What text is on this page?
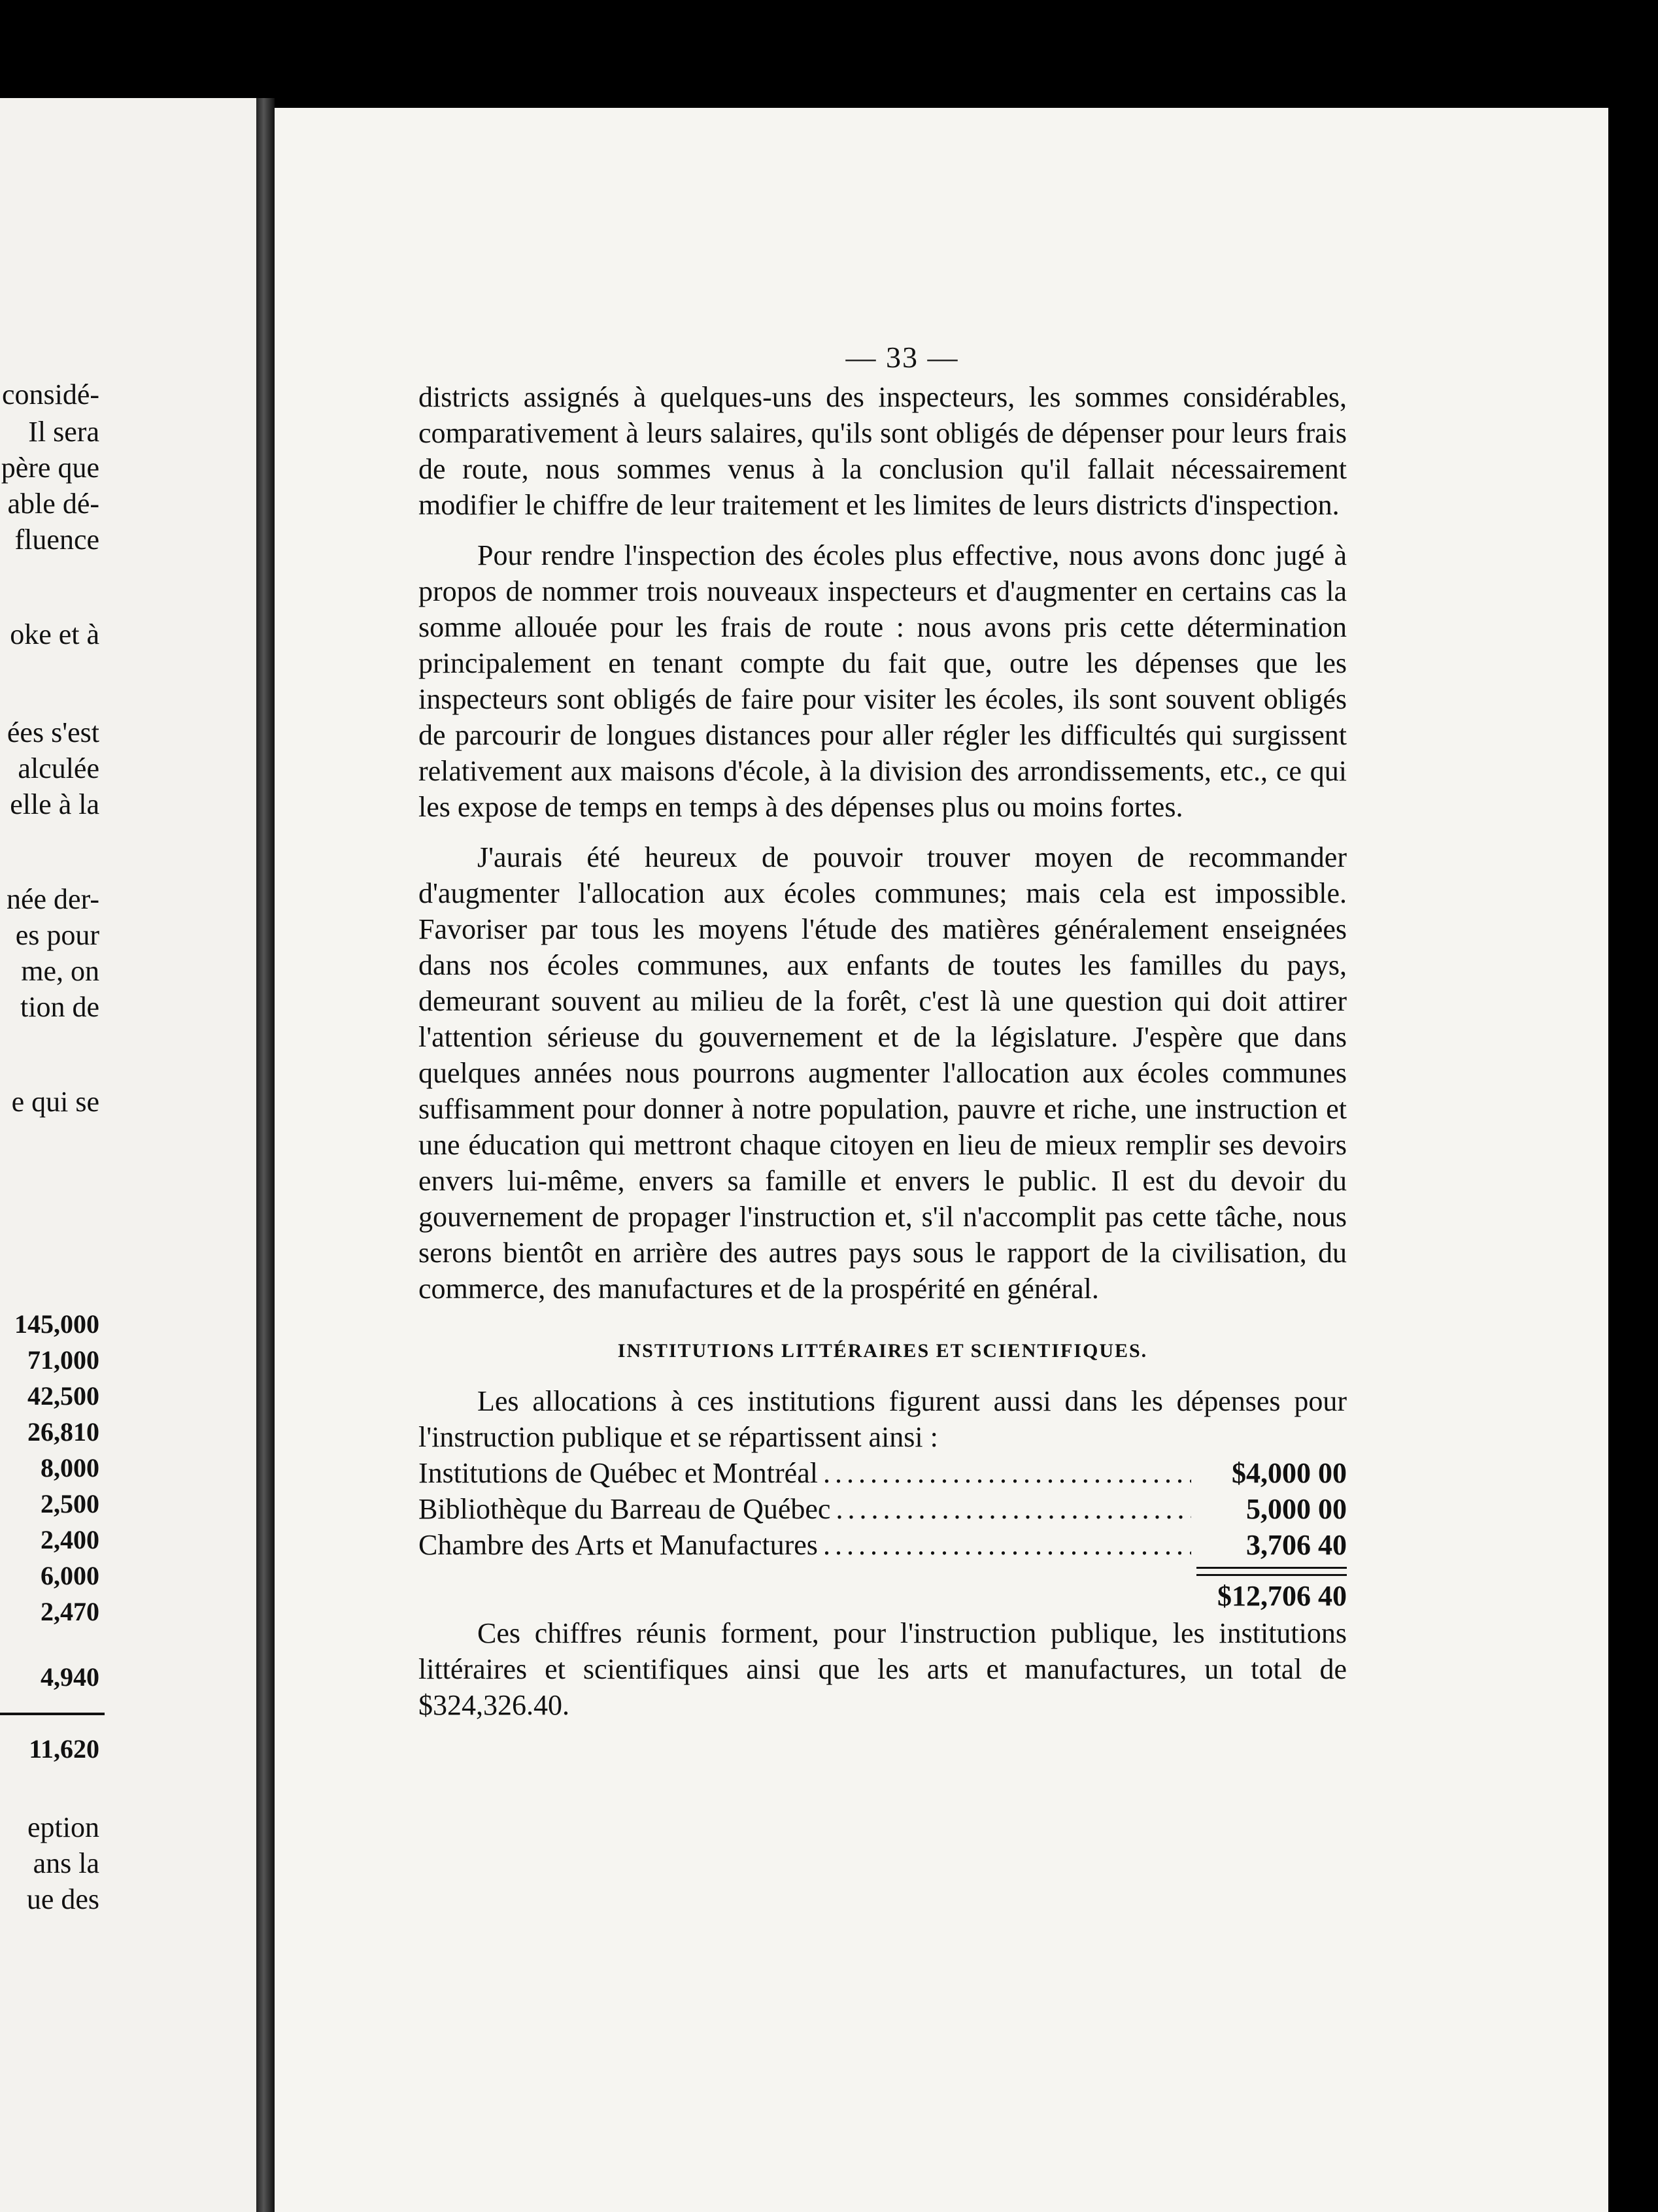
considé-
Il sera
père que
able dé-
fluence
oke et à
ées s'est
alculée
elle à la
née der-
es pour
me, on
tion de
e qui se
145,000
71,000
42,500
26,810
8,000
2,500
2,400
6,000
2,470
4,940
11,620
eption
ans la
ue des
— 33 —

districts assignés à quelques-uns des inspecteurs, les sommes considérables, comparativement à leurs salaires, qu'ils sont obligés de dépenser pour leurs frais de route, nous sommes venus à la conclusion qu'il fallait nécessairement modifier le chiffre de leur traitement et les limites de leurs districts d'inspection.

Pour rendre l'inspection des écoles plus effective, nous avons donc jugé à propos de nommer trois nouveaux inspecteurs et d'augmenter en certains cas la somme allouée pour les frais de route : nous avons pris cette détermination principalement en tenant compte du fait que, outre les dépenses que les inspecteurs sont obligés de faire pour visiter les écoles, ils sont souvent obligés de parcourir de longues distances pour aller régler les difficultés qui surgissent relativement aux maisons d'école, à la division des arrondissements, etc., ce qui les expose de temps en temps à des dépenses plus ou moins fortes.

J'aurais été heureux de pouvoir trouver moyen de recommander d'augmenter l'allocation aux écoles communes; mais cela est impossible. Favoriser par tous les moyens l'étude des matières généralement enseignées dans nos écoles communes, aux enfants de toutes les familles du pays, demeurant souvent au milieu de la forêt, c'est là une question qui doit attirer l'attention sérieuse du gouvernement et de la législature. J'espère que dans quelques années nous pourrons augmenter l'allocation aux écoles communes suffisamment pour donner à notre population, pauvre et riche, une instruction et une éducation qui mettront chaque citoyen en lieu de mieux remplir ses devoirs envers lui-même, envers sa famille et envers le public. Il est du devoir du gouvernement de propager l'instruction et, s'il n'accomplit pas cette tâche, nous serons bientôt en arrière des autres pays sous le rapport de la civilisation, du commerce, des manufactures et de la prospérité en général.

INSTITUTIONS LITTÉRAIRES ET SCIENTIFIQUES.

Les allocations à ces institutions figurent aussi dans les dépenses pour l'instruction publique et se répartissent ainsi :

Institutions de Québec et Montréal . . .	$4,000 00
Bibliothèque du Barreau de Québec . . .	5,000 00
Chambre des Arts et Manufactures . . .	3,706 40
$12,706 40

Ces chiffres réunis forment, pour l'instruction publique, les institutions littéraires et scientifiques ainsi que les arts et manufactures, un total de $324,326.40.
